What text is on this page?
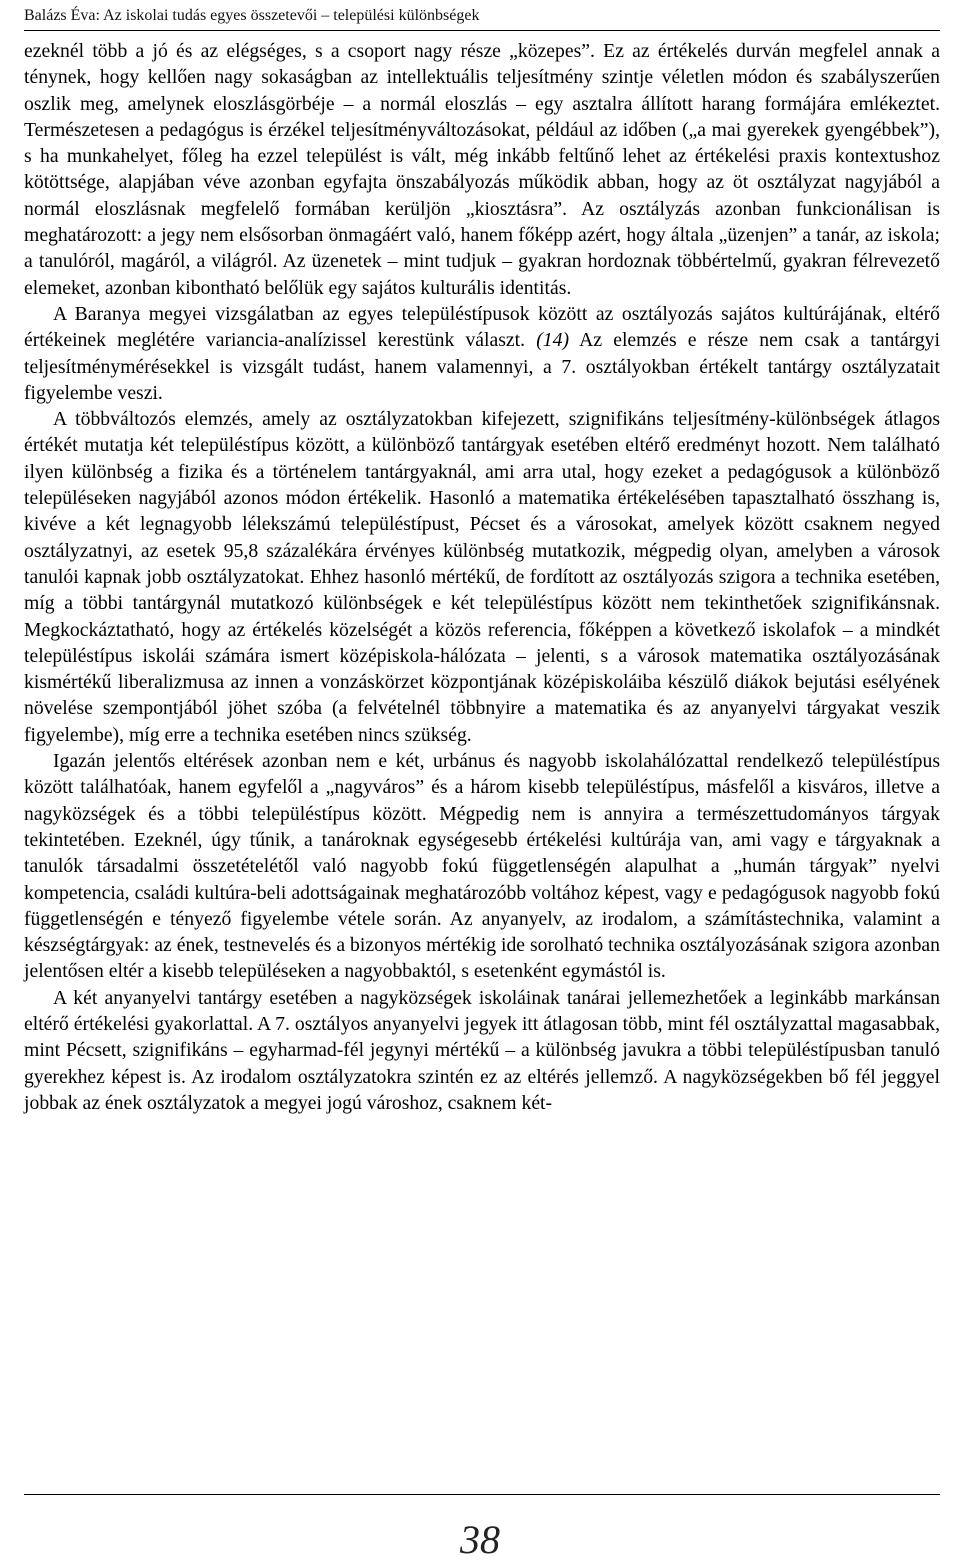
Balázs Éva: Az iskolai tudás egyes összetevői – települési különbségek

ezeknél több a jó és az elégséges, s a csoport nagy része „közepes”. Ez az értékelés durván megfelel annak a ténynek, hogy kellően nagy sokaságban az intellektuális teljesítmény szintje véletlen módon és szabályszerűen oszlik meg, amelynek eloszlásgörbéje – a normál eloszlás – egy asztalra állított harang formájára emlékeztet. Természetesen a pedagógus is érzékel teljesítményváltozásokat, például az időben („a mai gyerekek gyengébbek”), s ha munkahelyet, főleg ha ezzel települést is vált, még inkább feltűnő lehet az értékelési praxis kontextushoz kötöttsége, alapjában véve azonban egyfajta önszabályozás működik abban, hogy az öt osztályzat nagyjából a normál eloszlásnak megfelelő formában kerüljön „kiosztásra”. Az osztályzás azonban funkcionálisan is meghatározott: a jegy nem elsősorban önmagáért való, hanem főképp azért, hogy általa „üzenjen” a tanár, az iskola; a tanulóról, magáról, a világról. Az üzenetek – mint tudjuk – gyakran hordoznak többértelmű, gyakran félrevezető elemeket, azonban kibontható belőlük egy sajátos kulturális identitás.

A Baranya megyei vizsgálatban az egyes településtípusok között az osztályozás sajátos kultúrájának, eltérő értékeinek meglétére variancia-analízissel kerestünk választ. (14) Az elemzés e része nem csak a tantárgyi teljesítménymérésekkel is vizsgált tudást, hanem valamennyi, a 7. osztályokban értékelt tantárgy osztályzatait figyelembe veszi.

A többváltozós elemzés, amely az osztályzatokban kifejezett, szignifikáns teljesítmény-különbségek átlagos értékét mutatja két településtípus között, a különböző tantárgyak esetében eltérő eredményt hozott. Nem található ilyen különbség a fizika és a történelem tantárgyaknál, ami arra utal, hogy ezeket a pedagógusok a különböző településeken nagyjából azonos módon értékelik. Hasonló a matematika értékelésében tapasztalható összhang is, kivéve a két legnagyobb lélekszámú településtípust, Pécset és a városokat, amelyek között csaknem negyed osztályzatnyi, az esetek 95,8 százalékára érvényes különbség mutatkozik, mégpedig olyan, amelyben a városok tanulói kapnak jobb osztályzatokat. Ehhez hasonló mértékű, de fordított az osztályozás szigora a technika esetében, míg a többi tantárgynál mutatkozó különbségek e két településtípus között nem tekinthetőek szignifikánsnak. Megkockáztatható, hogy az értékelés közelségét a közös referencia, főképpen a következő iskolafok – a mindkét településtípus iskolái számára ismert középiskola-hálózata – jelenti, s a városok matematika osztályozásának kismértékű liberalizmusa az innen a vonzáskörzet központjának középiskoláiba készülő diákok bejutási esélyének növelése szempontjából jöhet szóba (a felvételnél többnyire a matematika és az anyanyelvi tárgyakat veszik figyelembe), míg erre a technika esetében nincs szükség.

Igazán jelentős eltérések azonban nem e két, urbánus és nagyobb iskolahálózattal rendelkező településtípus között találhatóak, hanem egyfelől a „nagyváros” és a három kisebb településtípus, másfelől a kisváros, illetve a nagyközségek és a többi településtípus között. Mégpedig nem is annyira a természettudományos tárgyak tekintetében. Ezeknél, úgy tűnik, a tanároknak egységesebb értékelési kultúrája van, ami vagy e tárgyaknak a tanulók társadalmi összetételétől való nagyobb fokú függetlenségén alapulhat a „humán tárgyak” nyelvi kompetencia, családi kultúra-beli adottságainak meghatározóbb voltához képest, vagy e pedagógusok nagyobb fokú függetlenségén e tényező figyelembe vétele során. Az anyanyelv, az irodalom, a számítástechnika, valamint a készségtárgyak: az ének, testnevelés és a bizonyos mértékig ide sorolható technika osztályozásának szigora azonban jelentősen eltér a kisebb településeken a nagyobbaktól, s esetenként egymástól is.

A két anyanyelvi tantárgy esetében a nagyközségek iskoláinak tanárai jellemezhetőek a leginkább markánsan eltérő értékelési gyakorlattal. A 7. osztályos anyanyelvi jegyek itt átlagosan több, mint fél osztályzattal magasabbak, mint Pécsett, szignifikáns – egyharmad-fél jegynyi mértékű – a különbség javukra a többi településtípusban tanuló gyerekhez képest is. Az irodalom osztályzatokra szintén ez az eltérés jellemző. A nagyközségekben bő fél jeggyel jobbak az ének osztályzatok a megyei jogú városhoz, csaknem két-

38
